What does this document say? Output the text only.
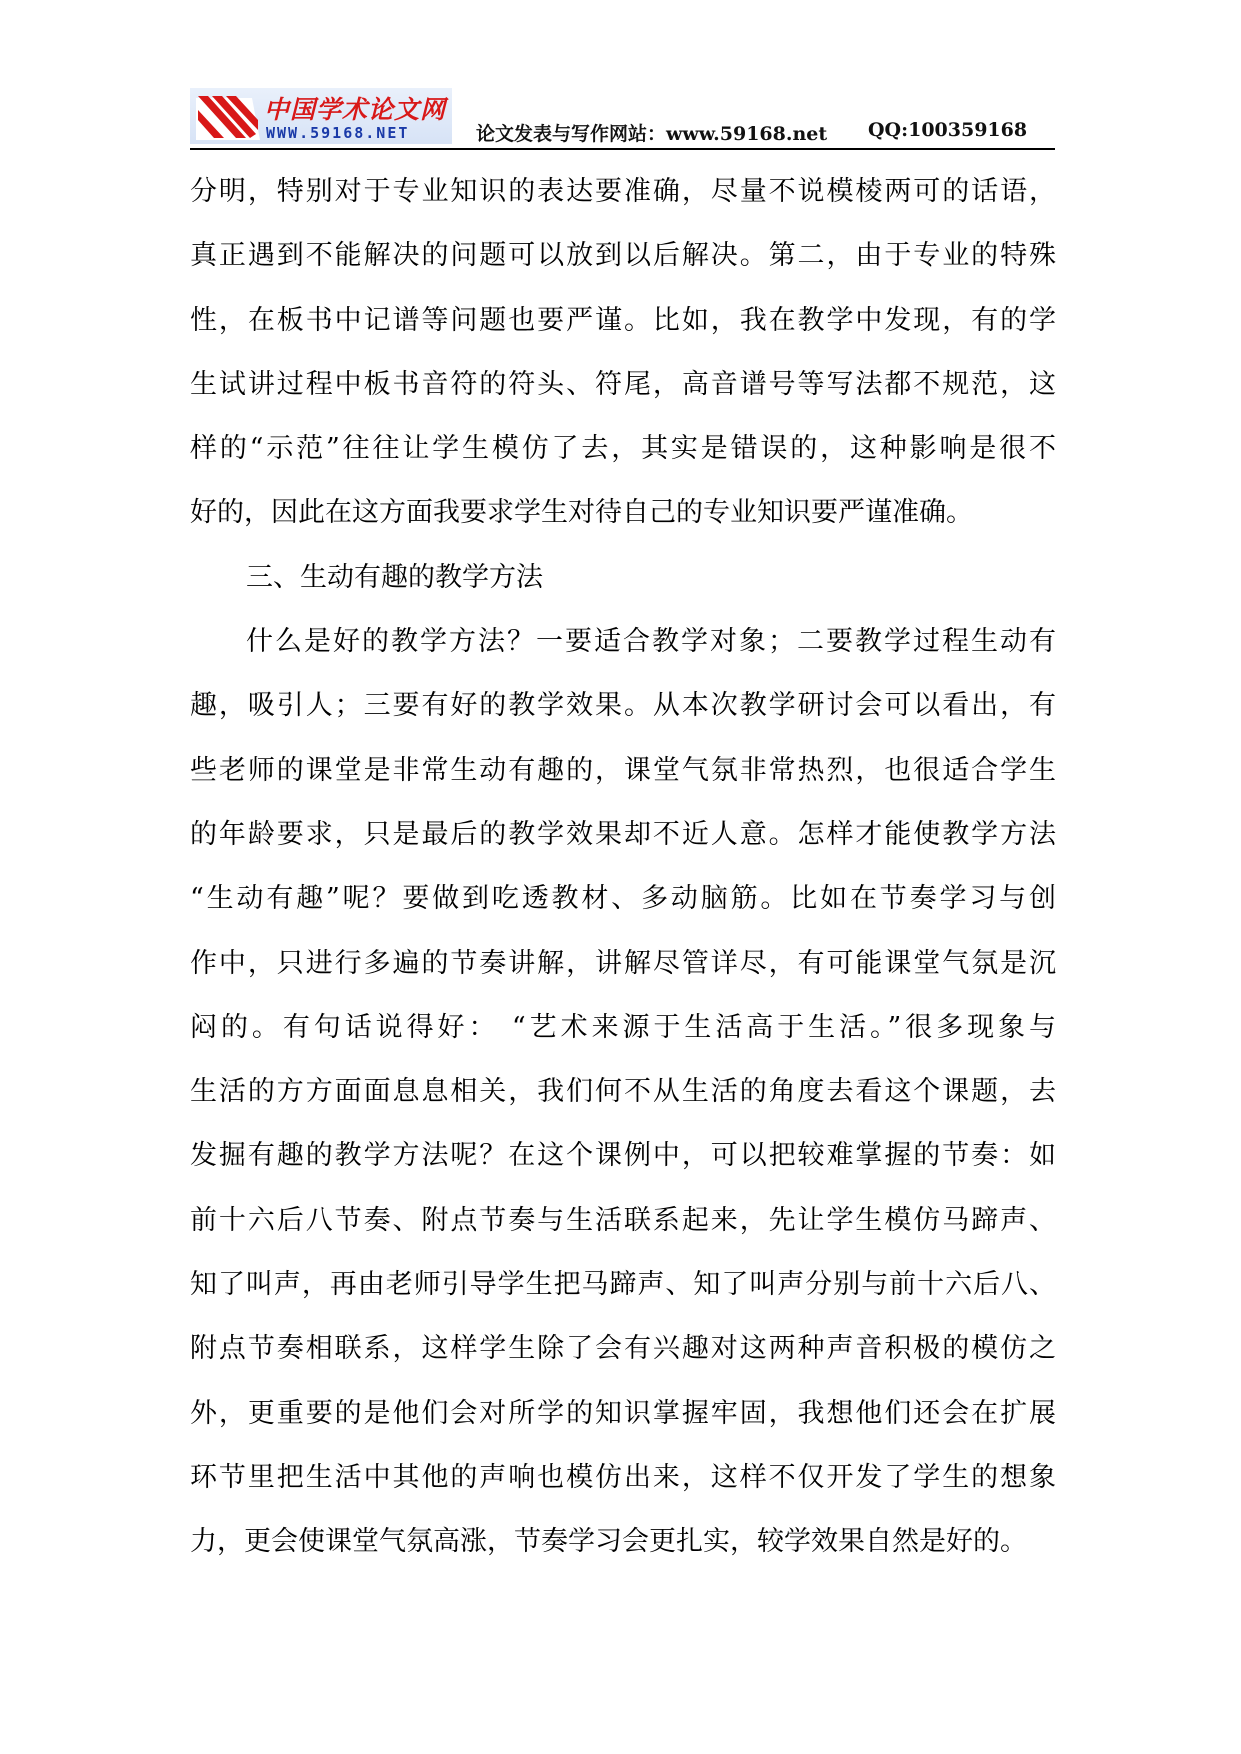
中国学术论文网
WWW.59168.NET	论文发表与写作网站：www.59168.net QQ:100359168
分明，特别对于专业知识的表达要准确，尽量不说模棱两可的话语，
真正遇到不能解决的问题可以放到以后解决。第二，由于专业的特殊
性，在板书中记谱等问题也要严谨。比如，我在教学中发现，有的学
生试讲过程中板书音符的符头、符尾，高音谱号等写法都不规范，这
样的“示范”往往让学生模仿了去，其实是错误的，这种影响是很不
好的，因此在这方面我要求学生对待自己的专业知识要严谨准确。
三、生动有趣的教学方法
什么是好的教学方法？一要适合教学对象；二要教学过程生动有
趣，吸引人；三要有好的教学效果。从本次教学研讨会可以看出，有
些老师的课堂是非常生动有趣的，课堂气氛非常热烈，也很适合学生
的年龄要求，只是最后的教学效果却不近人意。怎样才能使教学方法
“生动有趣”呢？要做到吃透教材、多动脑筋。比如在节奏学习与创
作中，只进行多遍的节奏讲解，讲解尽管详尽，有可能课堂气氛是沉
闷的。有句话说得好： “艺术来源于生活高于生活。”很多现象与
生活的方方面面息息相关，我们何不从生活的角度去看这个课题，去
发掘有趣的教学方法呢？在这个课例中，可以把较难掌握的节奏：如
前十六后八节奏、附点节奏与生活联系起来，先让学生模仿马蹄声、
知了叫声，再由老师引导学生把马蹄声、知了叫声分别与前十六后八、
附点节奏相联系，这样学生除了会有兴趣对这两种声音积极的模仿之
外，更重要的是他们会对所学的知识掌握牢固，我想他们还会在扩展
环节里把生活中其他的声响也模仿出来，这样不仅开发了学生的想象
力，更会使课堂气氛高涨，节奏学习会更扎实，较学效果自然是好的。
